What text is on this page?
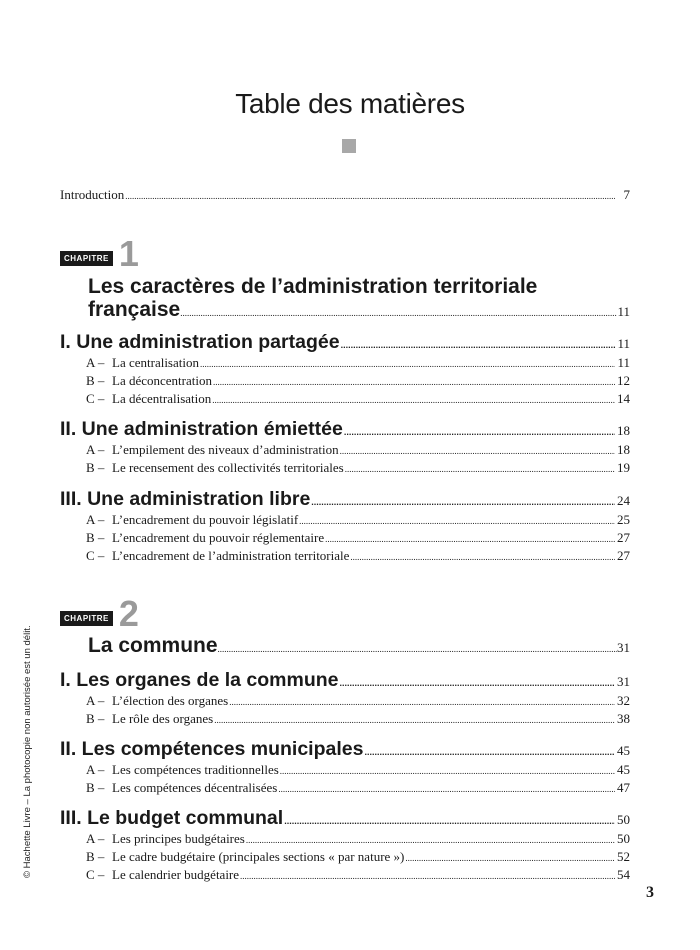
Table des matières
Introduction .....	7
CHAPITRE 1
Les caractères de l’administration territoriale
française .....	11
I. Une administration partagée .....	11
A – La centralisation .....	11
B – La déconcentration .....	12
C – La décentralisation .....	14
II. Une administration émiettée .....	18
A – L’empilement des niveaux d’administration .....	18
B – Le recensement des collectivités territoriales .....	19
III. Une administration libre .....	24
A – L’encadrement du pouvoir législatif .....	25
B – L’encadrement du pouvoir réglementaire .....	27
C – L’encadrement de l’administration territoriale .....	27
CHAPITRE 2
La commune .....	31
I. Les organes de la commune .....	31
A – L’élection des organes .....	32
B – Le rôle des organes .....	38
II. Les compétences municipales .....	45
A – Les compétences traditionnelles .....	45
B – Les compétences décentralisées .....	47
III. Le budget communal .....	50
A – Les principes budgétaires .....	50
B – Le cadre budgétaire (principales sections « par nature ») .....	52
C – Le calendrier budgétaire .....	54
© Hachette Livre – La photocopie non autorisée est un délit.
3
